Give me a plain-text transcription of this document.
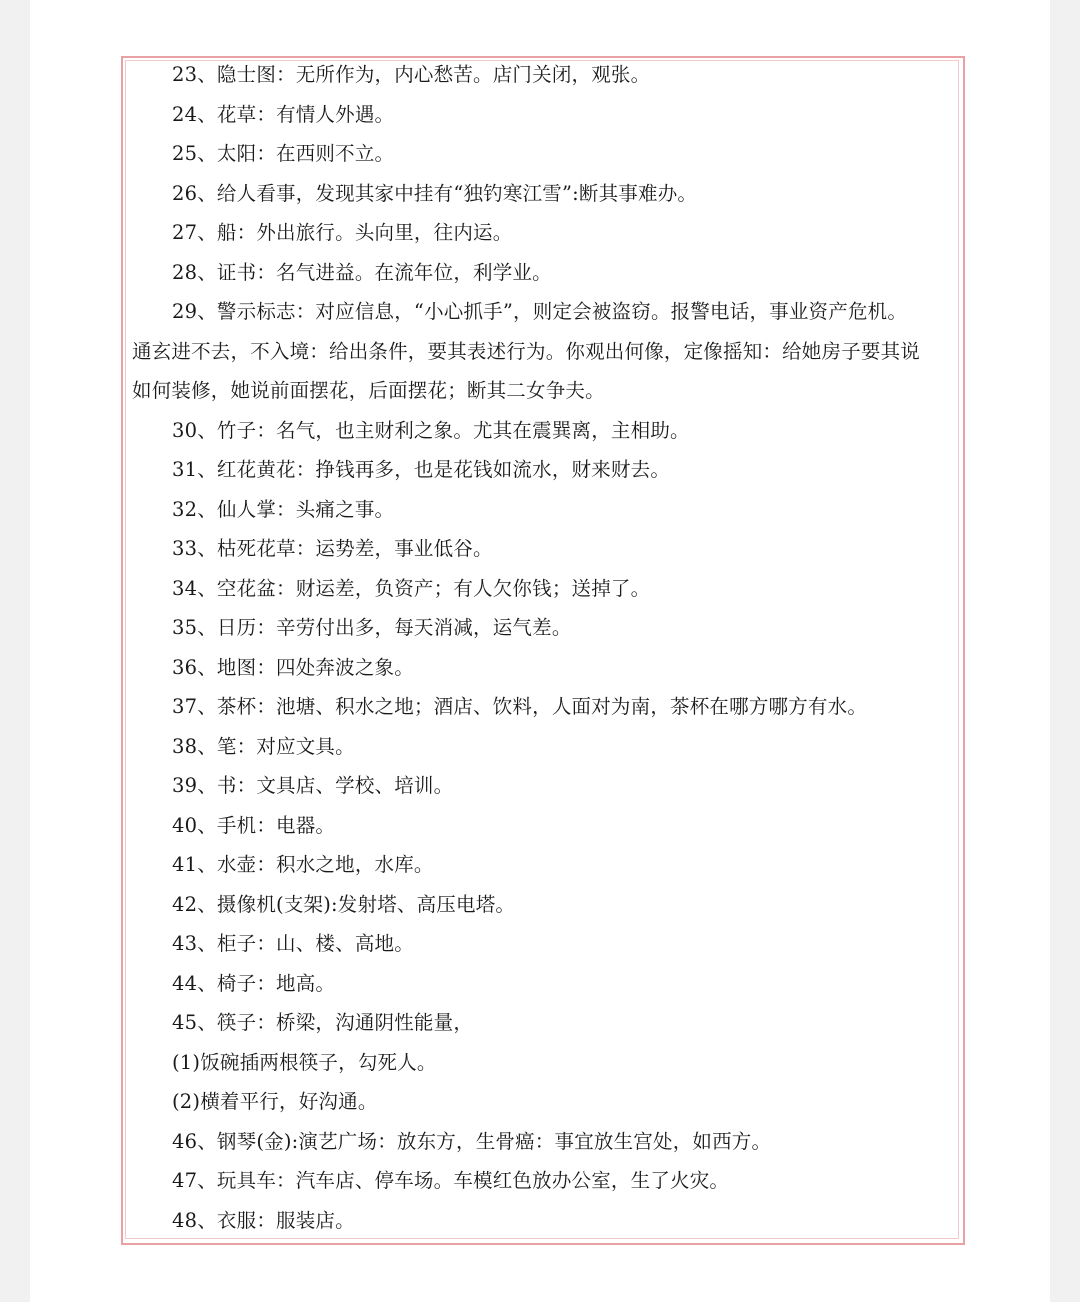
23、隐士图：无所作为，内心愁苦。店门关闭，观张。
24、花草：有情人外遇。
25、太阳：在西则不立。
26、给人看事，发现其家中挂有“独钓寒江雪”:断其事难办。
27、船：外出旅行。头向里，往内运。
28、证书：名气进益。在流年位，利学业。
29、警示标志：对应信息，“小心抓手”，则定会被盗窃。报警电话，事业资产危机。
通玄进不去，不入境：给出条件，要其表述行为。你观出何像，定像摇知：给她房子要其说
如何装修，她说前面摆花，后面摆花；断其二女争夫。
30、竹子：名气，也主财利之象。尤其在震巽离，主相助。
31、红花黄花：挣钱再多，也是花钱如流水，财来财去。
32、仙人掌：头痛之事。
33、枯死花草：运势差，事业低谷。
34、空花盆：财运差，负资产；有人欠你钱；送掉了。
35、日历：辛劳付出多，每天消减，运气差。
36、地图：四处奔波之象。
37、茶杯：池塘、积水之地；酒店、饮料，人面对为南，茶杯在哪方哪方有水。
38、笔：对应文具。
39、书：文具店、学校、培训。
40、手机：电器。
41、水壶：积水之地，水库。
42、摄像机(支架):发射塔、高压电塔。
43、柜子：山、楼、高地。
44、椅子：地高。
45、筷子：桥梁，沟通阴性能量，
(1)饭碗插两根筷子，勾死人。
(2)横着平行，好沟通。
46、钢琴(金):演艺广场：放东方，生骨癌：事宜放生宫处，如西方。
47、玩具车：汽车店、停车场。车模红色放办公室，生了火灾。
48、衣服：服装店。
